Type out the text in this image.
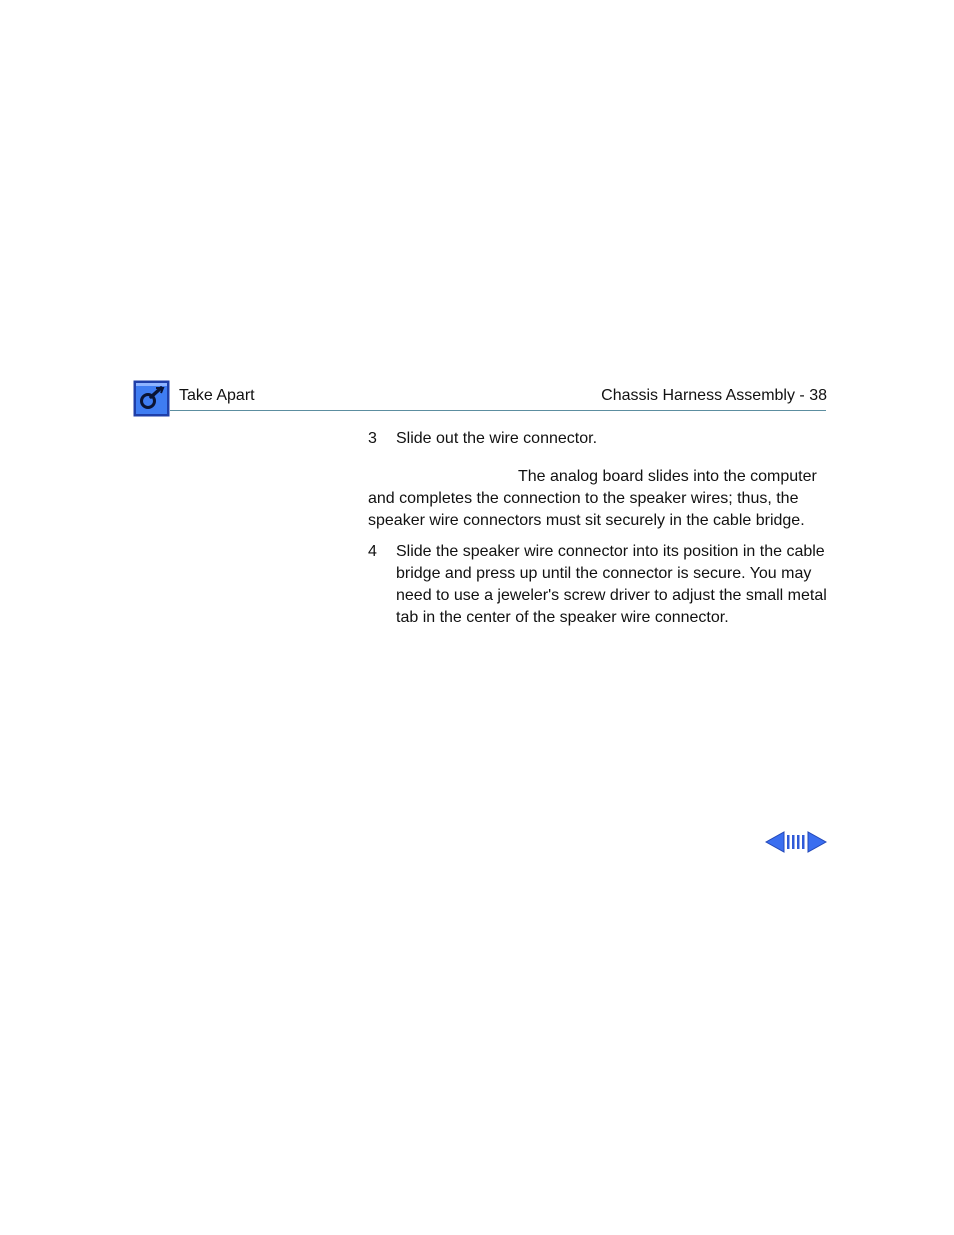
Take Apart	Chassis Harness Assembly - 38

3 Slide out the wire connector.

The analog board slides into the computer and completes the connection to the speaker wires; thus, the speaker wire connectors must sit securely in the cable bridge.

4 Slide the speaker wire connector into its position in the cable bridge and press up until the connector is secure. You may need to use a jeweler's screw driver to adjust the small metal tab in the center of the speaker wire connector.
